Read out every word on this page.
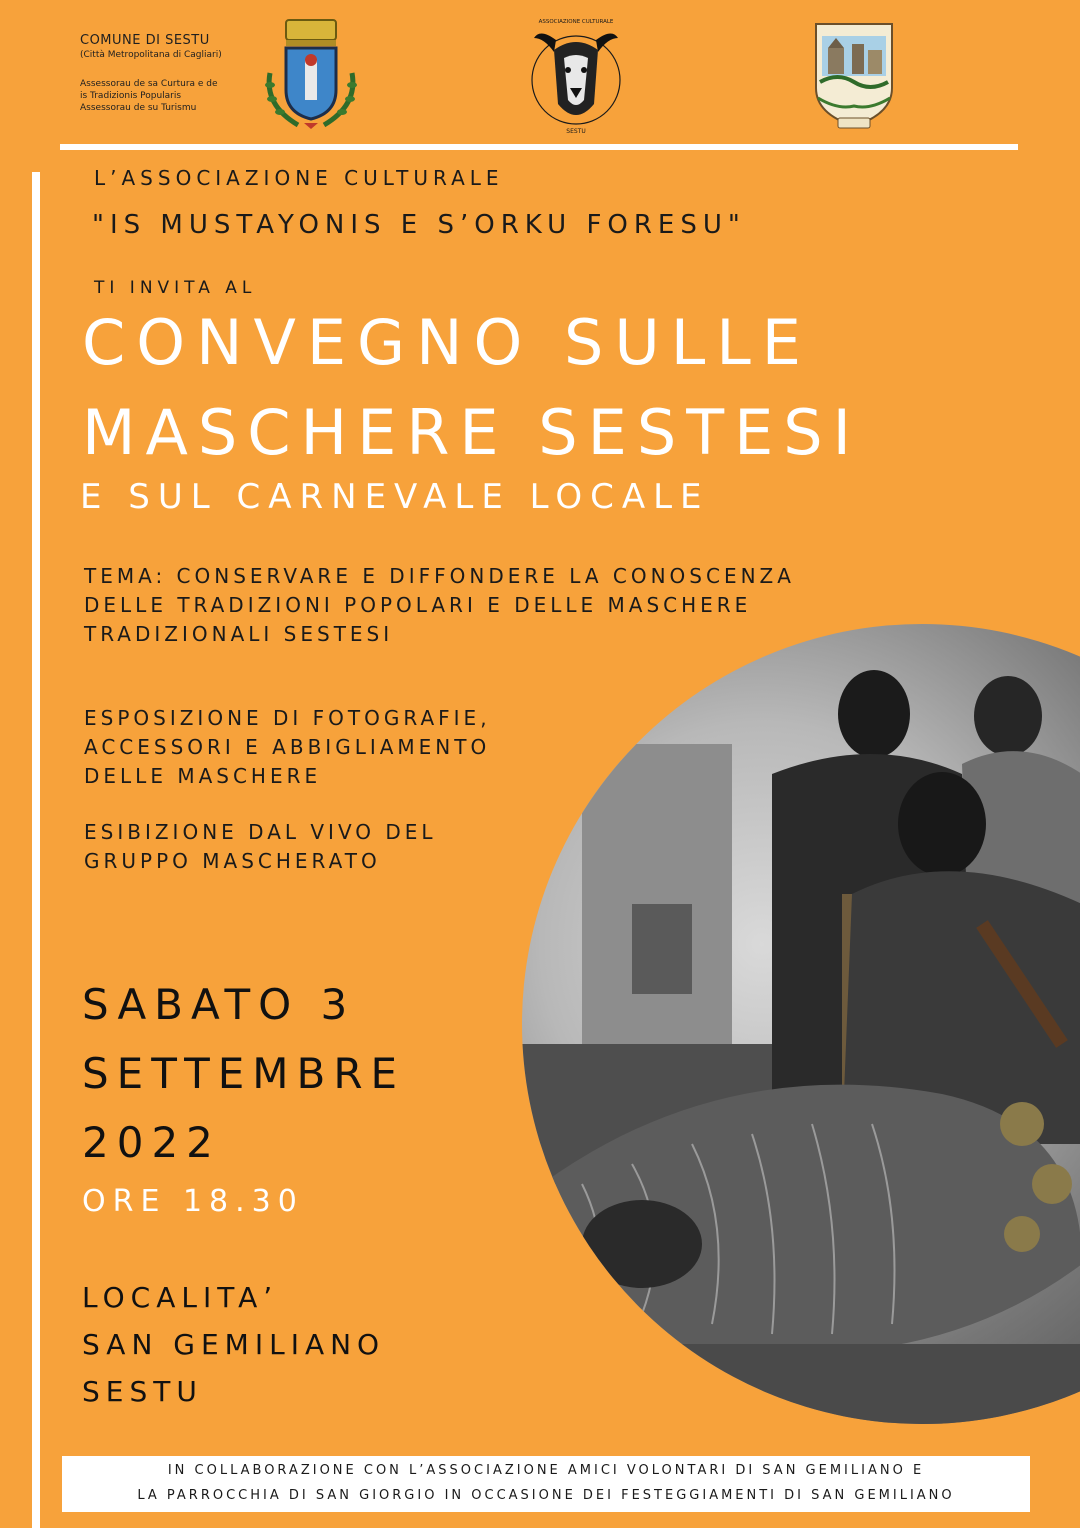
COMUNE DI SESTU
(Città Metropolitana di Cagliari)
Assessorau de sa Curtura e de
is Tradizionis Popularis
Assessorau de su Turismu
ASSOCIAZIONE CULTURALE
SESTU
L’ASSOCIAZIONE CULTURALE
"IS MUSTAYONIS E S’ORKU FORESU"
TI INVITA AL
CONVEGNO SULLE
MASCHERE SESTESI
E SUL CARNEVALE LOCALE
TEMA: CONSERVARE E DIFFONDERE LA CONOSCENZA
DELLE TRADIZIONI POPOLARI E DELLE MASCHERE
TRADIZIONALI SESTESI
ESPOSIZIONE DI FOTOGRAFIE,
ACCESSORI E ABBIGLIAMENTO
DELLE MASCHERE
ESIBIZIONE DAL VIVO DEL
GRUPPO MASCHERATO
SABATO 3
SETTEMBRE
2022
ORE 18.30
LOCALITA’
SAN GEMILIANO
SESTU
IN COLLABORAZIONE CON L’ASSOCIAZIONE AMICI VOLONTARI DI SAN GEMILIANO E
LA PARROCCHIA DI SAN GIORGIO IN OCCASIONE DEI FESTEGGIAMENTI DI SAN GEMILIANO
